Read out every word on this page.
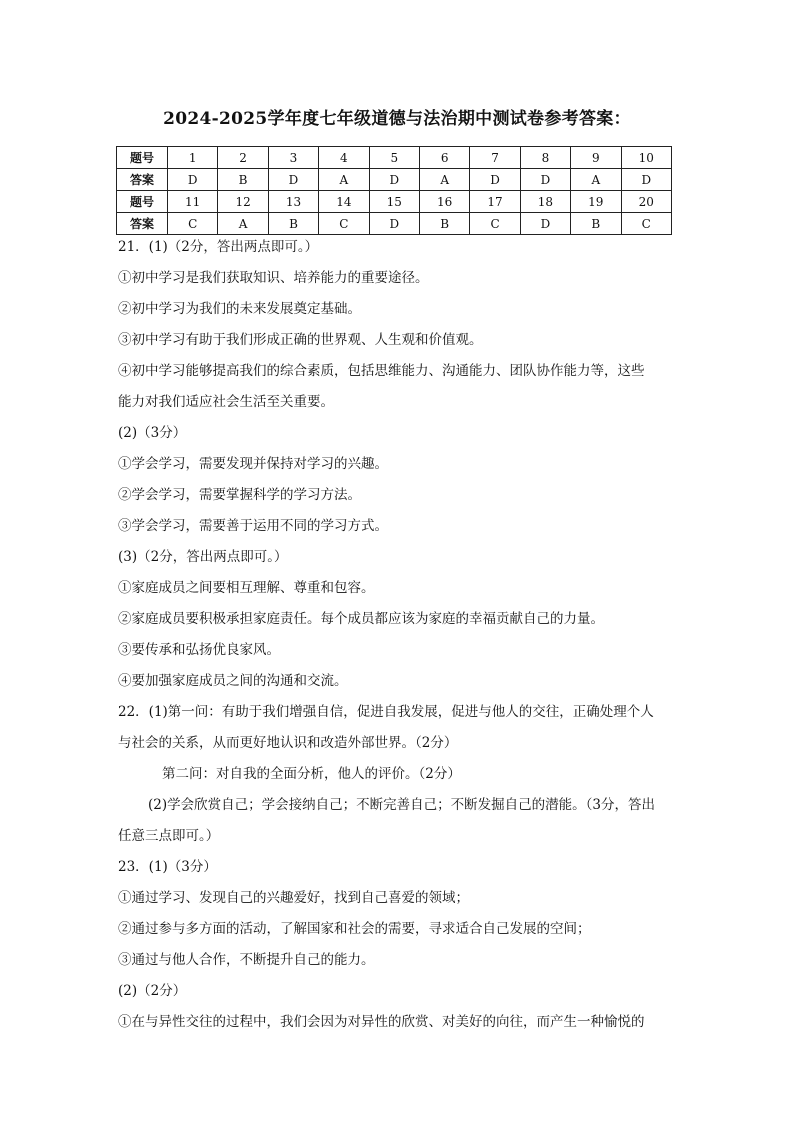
2024-2025学年度七年级道德与法治期中测试卷参考答案：
题号	1	2	3	4	5	6	7	8	9	10
答案	D	B	D	A	D	A	D	D	A	D
题号	11	12	13	14	15	16	17	18	19	20
答案	C	A	B	C	D	B	C	D	B	C
21．(1)（2分，答出两点即可。）
①初中学习是我们获取知识、培养能力的重要途径。
②初中学习为我们的未来发展奠定基础。
③初中学习有助于我们形成正确的世界观、人生观和价值观。
④初中学习能够提高我们的综合素质，包括思维能力、沟通能力、团队协作能力等，这些
能力对我们适应社会生活至关重要。
(2)（3分）
①学会学习，需要发现并保持对学习的兴趣。
②学会学习，需要掌握科学的学习方法。
③学会学习，需要善于运用不同的学习方式。
(3)（2分，答出两点即可。）
①家庭成员之间要相互理解、尊重和包容。
②家庭成员要积极承担家庭责任。每个成员都应该为家庭的幸福贡献自己的力量。
③要传承和弘扬优良家风。
④要加强家庭成员之间的沟通和交流。
22．(1)第一问：有助于我们增强自信，促进自我发展，促进与他人的交往，正确处理个人
与社会的关系，从而更好地认识和改造外部世界。（2分）
第二问：对自我的全面分析，他人的评价。（2分）
(2)学会欣赏自己；学会接纳自己；不断完善自己；不断发掘自己的潜能。（3分，答出
任意三点即可。）
23．(1)（3分）
①通过学习、发现自己的兴趣爱好，找到自己喜爱的领域；
②通过参与多方面的活动，了解国家和社会的需要，寻求适合自己发展的空间；
③通过与他人合作，不断提升自己的能力。
(2)（2分）
①在与异性交往的过程中，我们会因为对异性的欣赏、对美好的向往，而产生一种愉悦的
